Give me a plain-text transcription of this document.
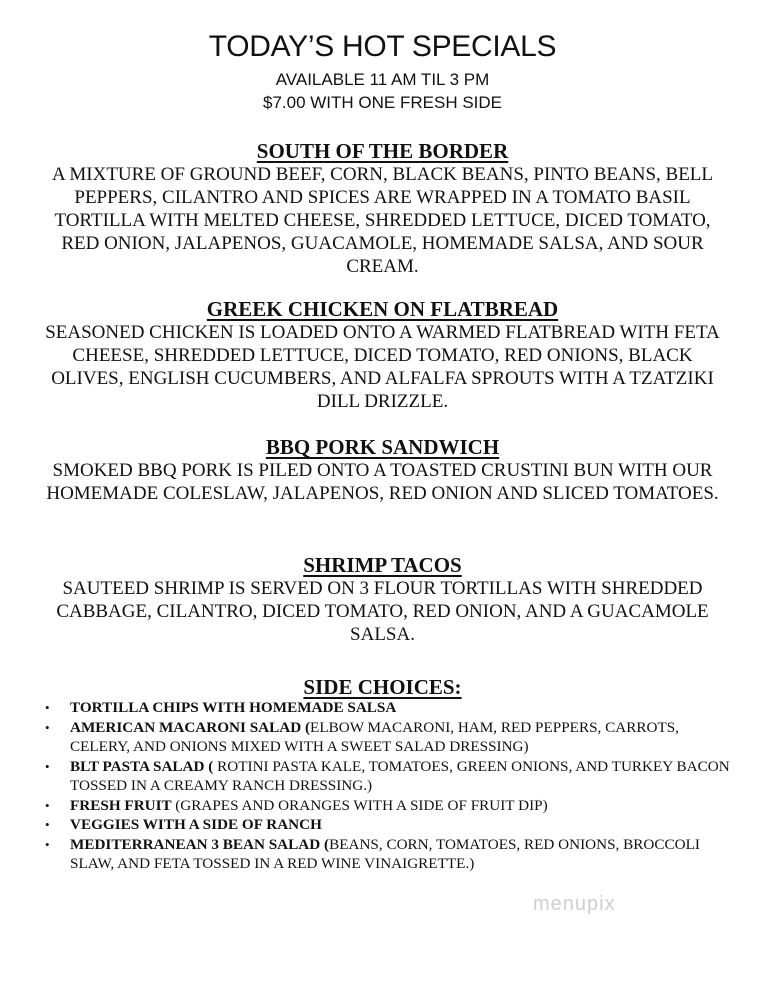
TODAY’S HOT SPECIALS
AVAILABLE 11 AM TIL 3 PM
$7.00 WITH ONE FRESH SIDE
SOUTH OF THE BORDER
A MIXTURE OF GROUND BEEF, CORN, BLACK BEANS, PINTO BEANS, BELL PEPPERS, CILANTRO AND SPICES ARE WRAPPED IN A TOMATO BASIL TORTILLA WITH MELTED CHEESE, SHREDDED LETTUCE, DICED TOMATO, RED ONION, JALAPENOS, GUACAMOLE, HOMEMADE SALSA, AND SOUR CREAM.
GREEK CHICKEN ON FLATBREAD
SEASONED CHICKEN IS LOADED ONTO A WARMED FLATBREAD WITH FETA CHEESE, SHREDDED LETTUCE, DICED TOMATO, RED ONIONS, BLACK OLIVES, ENGLISH CUCUMBERS, AND ALFALFA SPROUTS WITH A TZATZIKI DILL DRIZZLE.
BBQ PORK SANDWICH
SMOKED BBQ PORK IS PILED ONTO A TOASTED CRUSTINI BUN WITH OUR HOMEMADE COLESLAW, JALAPENOS, RED ONION AND SLICED TOMATOES.
SHRIMP TACOS
SAUTEED SHRIMP IS SERVED ON 3 FLOUR TORTILLAS WITH SHREDDED CABBAGE, CILANTRO, DICED TOMATO, RED ONION, AND A GUACAMOLE SALSA.
SIDE CHOICES:
• TORTILLA CHIPS WITH HOMEMADE SALSA
• AMERICAN MACARONI SALAD (ELBOW MACARONI, HAM, RED PEPPERS, CARROTS, CELERY, AND ONIONS MIXED WITH A SWEET SALAD DRESSING)
• BLT PASTA SALAD ( ROTINI PASTA KALE, TOMATOES, GREEN ONIONS, AND TURKEY BACON TOSSED IN A CREAMY RANCH DRESSING.)
• FRESH FRUIT (GRAPES AND ORANGES WITH A SIDE OF FRUIT DIP)
• VEGGIES WITH A SIDE OF RANCH
• MEDITERRANEAN 3 BEAN SALAD (BEANS, CORN, TOMATOES, RED ONIONS, BROCCOLI SLAW, AND FETA TOSSED IN A RED WINE VINAIGRETTE.)
menupix
